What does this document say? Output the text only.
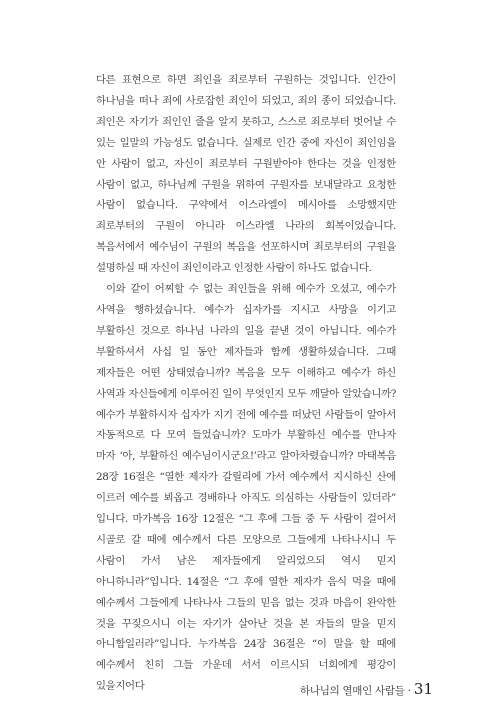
다른 표현으로 하면 죄인을 죄로부터 구원하는 것입니다. 인간이 하나님을 떠나 죄에 사로잡힌 죄인이 되었고, 죄의 종이 되었습니다. 죄인은 자기가 죄인인 줄을 알지 못하고, 스스로 죄로부터 벗어날 수 있는 일말의 가능성도 없습니다. 실제로 인간 중에 자신이 죄인임을 안 사람이 없고, 자신이 죄로부터 구원받아야 한다는 것을 인정한 사람이 없고, 하나님께 구원을 위하여 구원자를 보내달라고 요청한 사람이 없습니다. 구약에서 이스라엘이 메시아를 소망했지만 죄로부터의 구원이 아니라 이스라엘 나라의 회복이었습니다. 복음서에서 예수님이 구원의 복음을 선포하시며 죄로부터의 구원을 설명하실 때 자신이 죄인이라고 인정한 사람이 하나도 없습니다.

이와 같이 어찌할 수 없는 죄인들을 위해 예수가 오셨고, 예수가 사역을 행하셨습니다. 예수가 십자가를 지시고 사망을 이기고 부활하신 것으로 하나님 나라의 일을 끝낸 것이 아닙니다. 예수가 부활하셔서 사십 일 동안 제자들과 함께 생활하셨습니다. 그때 제자들은 어떤 상태였습니까? 복음을 모두 이해하고 예수가 하신 사역과 자신들에게 이루어진 일이 무엇인지 모두 깨달아 알았습니까? 예수가 부활하시자 십자가 지기 전에 예수를 떠났던 사람들이 알아서 자동적으로 다 모여 들었습니까? 도마가 부활하신 예수를 만나자 마자 ‘아, 부활하신 예수님이시군요!’라고 알아차렸습니까? 마태복음 28장 16절은 “열한 제자가 갈릴리에 가서 예수께서 지시하신 산에 이르러 예수를 뵈옵고 경배하나 아직도 의심하는 사람들이 있더라” 입니다. 마가복음 16장 12절은 “그 후에 그들 중 두 사람이 걸어서 시골로 갈 때에 예수께서 다른 모양으로 그들에게 나타나시니 두 사람이 가서 남은 제자들에게 알리었으되 역시 믿지 아니하니라”입니다. 14절은 “그 후에 열한 제자가 음식 먹을 때에 예수께서 그들에게 나타나사 그들의 믿음 없는 것과 마음이 완악한 것을 꾸짖으시니 이는 자기가 살아난 것을 본 자들의 말을 믿지 아니함일러라”입니다. 누가복음 24장 36절은 “이 말을 할 때에 예수께서 친히 그들 가운데 서서 이르시되 너희에게 평강이 있을지어다	하나님의 열매인 사람들 · 31
